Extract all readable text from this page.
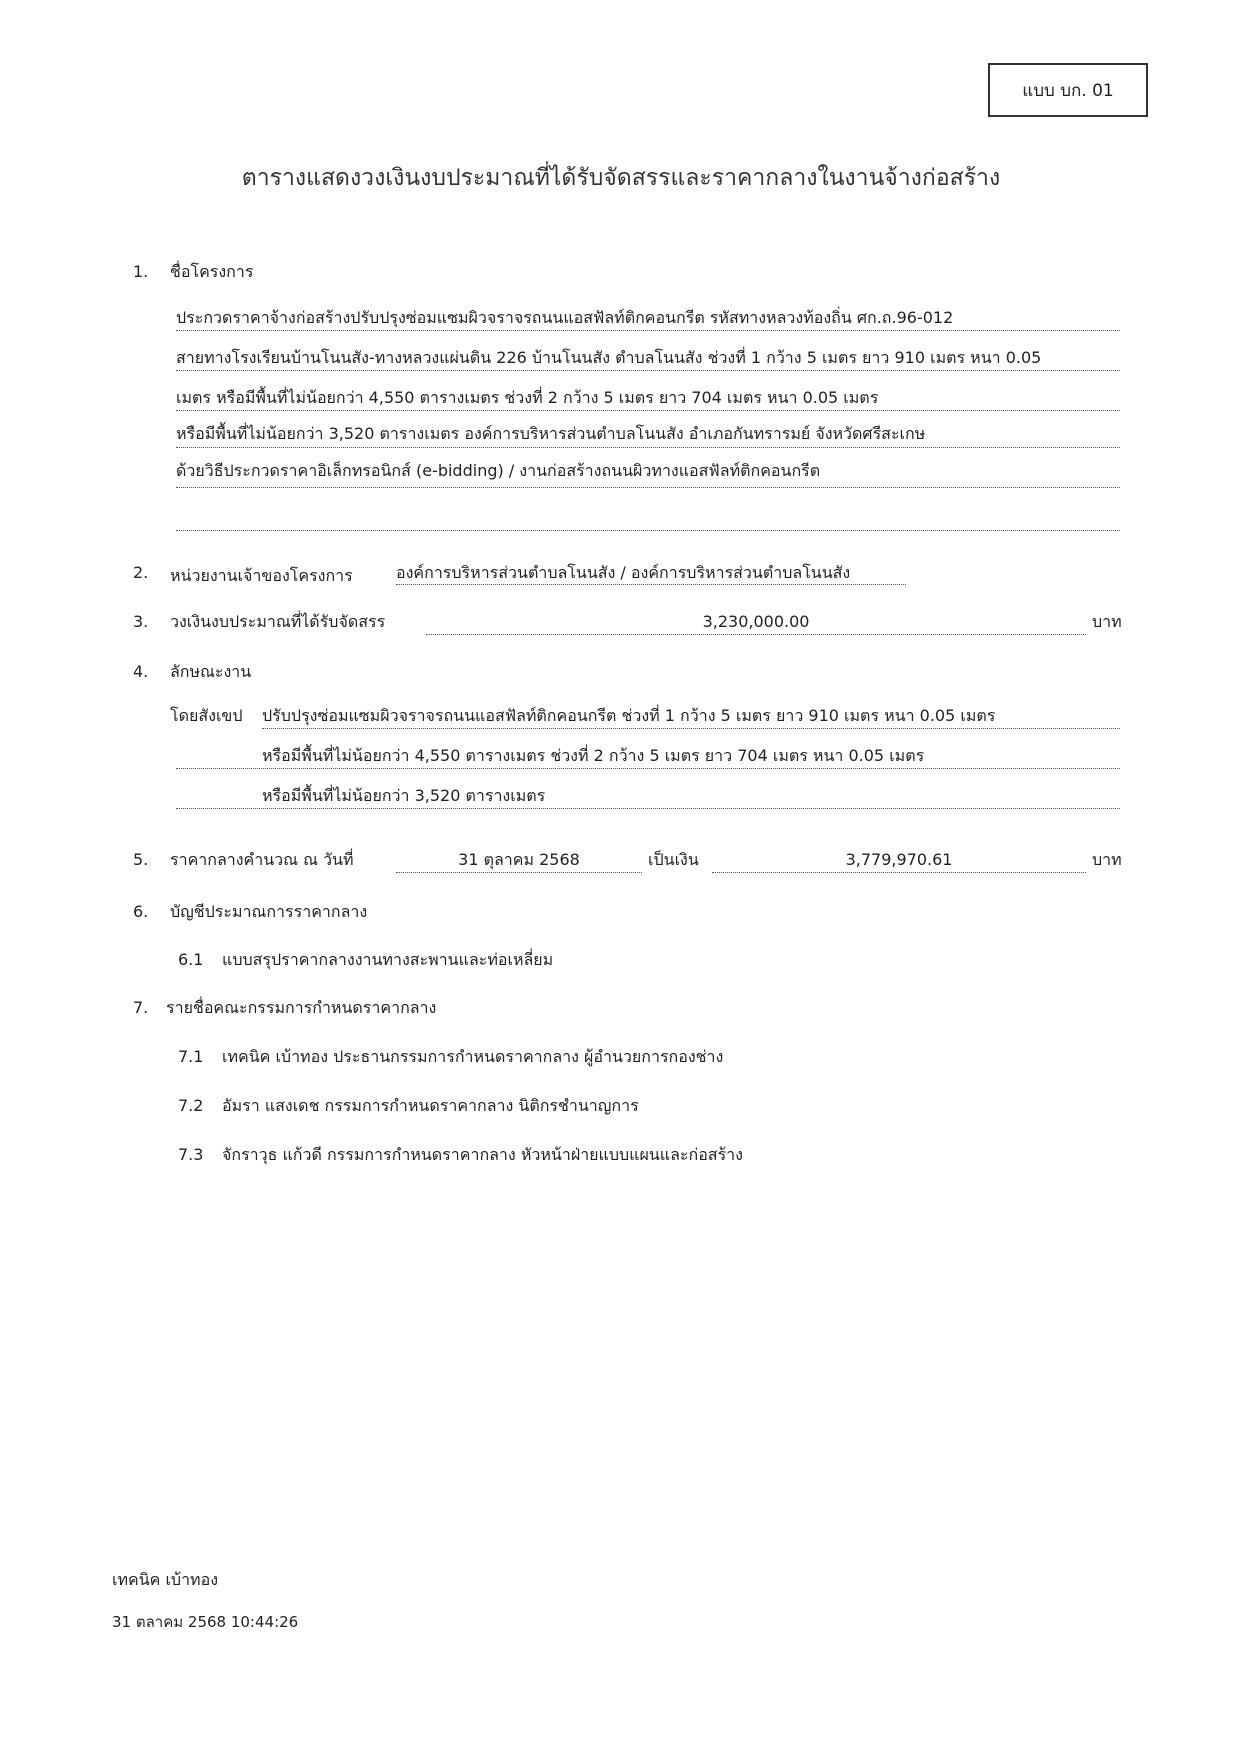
แบบ บก. 01
ตารางแสดงวงเงินงบประมาณที่ได้รับจัดสรรและราคากลางในงานจ้างก่อสร้าง
1. ชื่อโครงการ
ประกวดราคาจ้างก่อสร้างปรับปรุงซ่อมแซมผิวจราจรถนนแอสฟัลท์ติกคอนกรีต รหัสทางหลวงท้องถิ่น ศก.ถ.96-012
สายทางโรงเรียนบ้านโนนสัง-ทางหลวงแผ่นดิน 226 บ้านโนนสัง ตำบลโนนสัง ช่วงที่ 1 กว้าง 5 เมตร ยาว 910 เมตร หนา 0.05
เมตร หรือมีพื้นที่ไม่น้อยกว่า 4,550 ตารางเมตร ช่วงที่ 2 กว้าง 5 เมตร ยาว 704 เมตร หนา 0.05 เมตร
หรือมีพื้นที่ไม่น้อยกว่า 3,520 ตารางเมตร องค์การบริหารส่วนตำบลโนนสัง อำเภอกันทรารมย์ จังหวัดศรีสะเกษ
ด้วยวิธีประกวดราคาอิเล็กทรอนิกส์ (e-bidding) / งานก่อสร้างถนนผิวทางแอสฟัลท์ติกคอนกรีต
2. หน่วยงานเจ้าของโครงการ	องค์การบริหารส่วนตำบลโนนสัง / องค์การบริหารส่วนตำบลโนนสัง
3. วงเงินงบประมาณที่ได้รับจัดสรร	3,230,000.00	บาท
4. ลักษณะงาน
โดยสังเขป ปรับปรุงซ่อมแซมผิวจราจรถนนแอสฟัลท์ติกคอนกรีต ช่วงที่ 1 กว้าง 5 เมตร ยาว 910 เมตร หนา 0.05 เมตร
หรือมีพื้นที่ไม่น้อยกว่า 4,550 ตารางเมตร ช่วงที่ 2 กว้าง 5 เมตร ยาว 704 เมตร หนา 0.05 เมตร
หรือมีพื้นที่ไม่น้อยกว่า 3,520 ตารางเมตร
5. ราคากลางคำนวณ ณ วันที่	31 ตุลาคม 2568	เป็นเงิน	3,779,970.61	บาท
6. บัญชีประมาณการราคากลาง
6.1 แบบสรุปราคากลางงานทางสะพานและท่อเหลี่ยม
7. รายชื่อคณะกรรมการกำหนดราคากลาง
7.1 เทคนิค เบ้าทอง ประธานกรรมการกำหนดราคากลาง ผู้อำนวยการกองช่าง
7.2 อัมรา แสงเดช กรรมการกำหนดราคากลาง นิติกรชำนาญการ
7.3 จักราวุธ แก้วดี กรรมการกำหนดราคากลาง หัวหน้าฝ่ายแบบแผนและก่อสร้าง
เทคนิค เบ้าทอง
31 ตลาคม 2568 10:44:26
